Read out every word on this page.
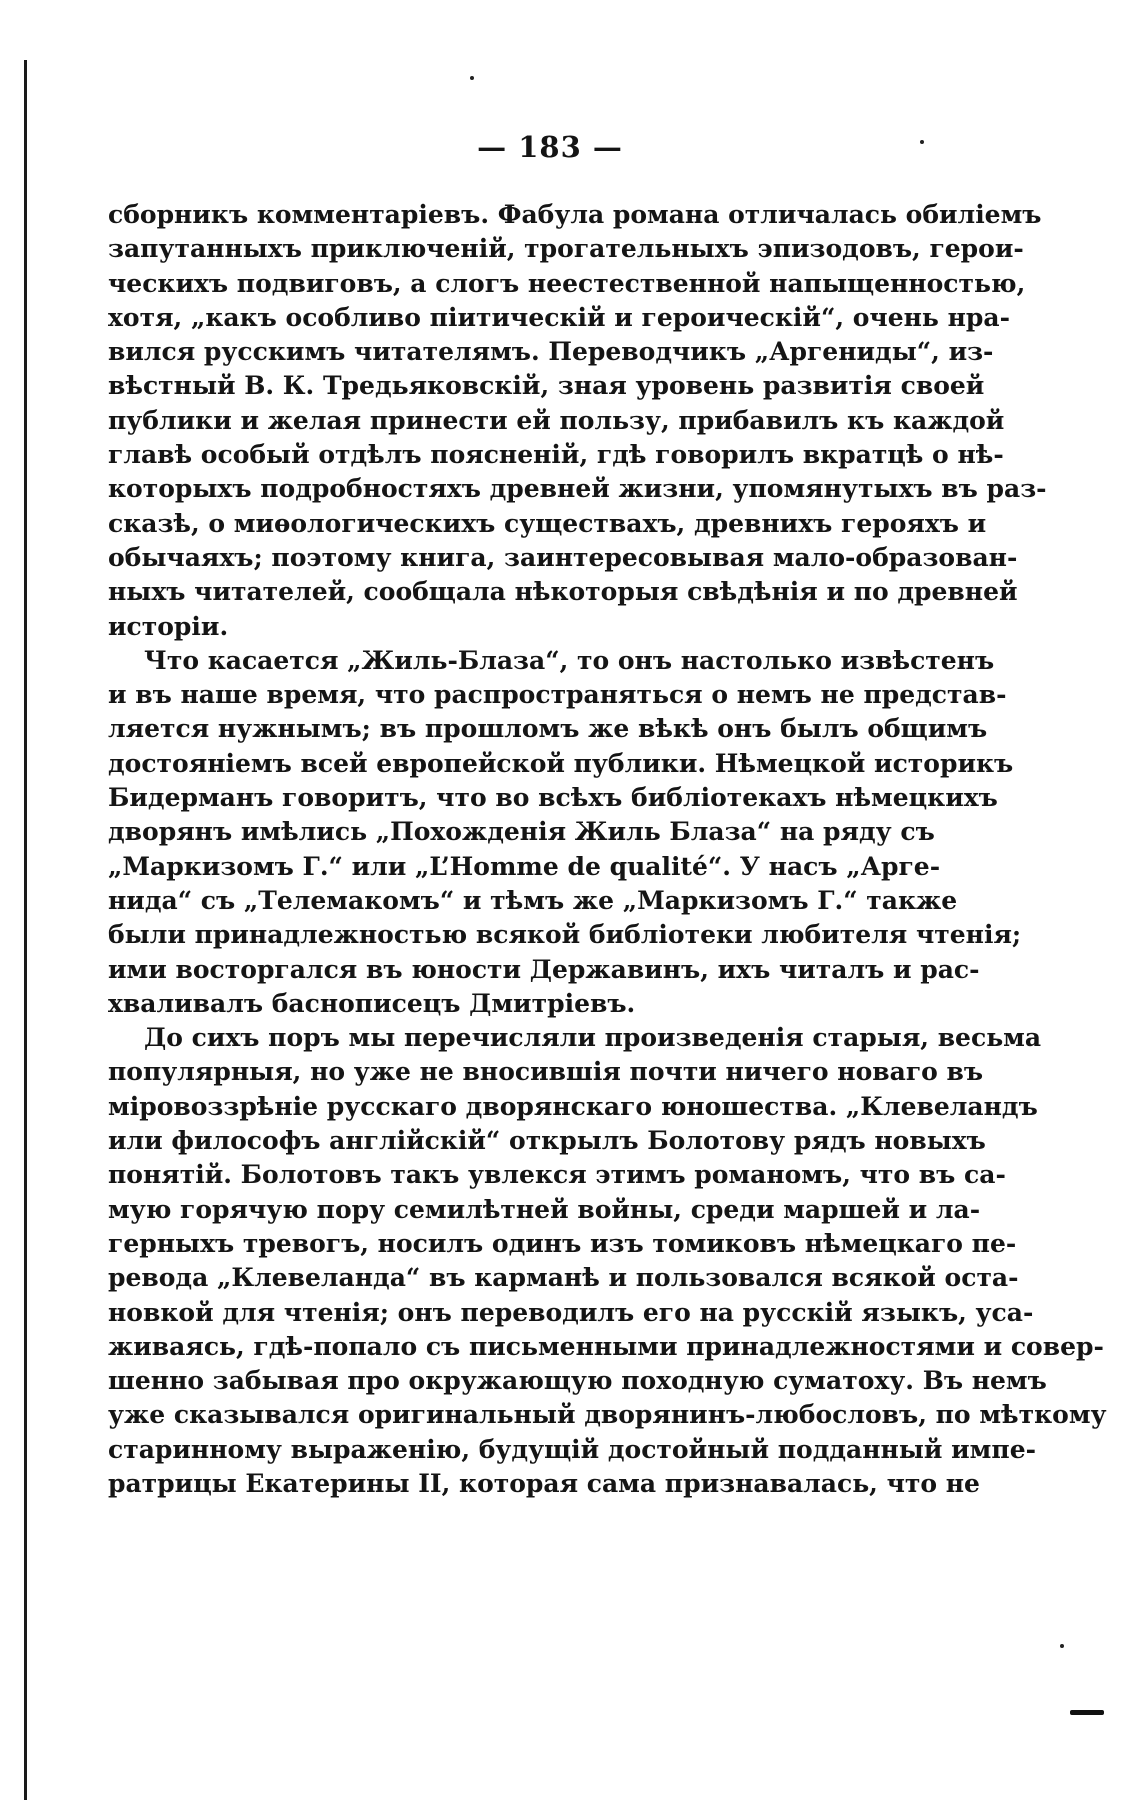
— 183 —
сборникъ комментаріевъ. Фабула романа отличалась обиліемъ
запутанныхъ приключеній, трогательныхъ эпизодовъ, герои-
ческихъ подвиговъ, а слогъ неестественной напыщенностью,
хотя, „какъ особливо піитическій и героическій“, очень нра-
вился русскимъ читателямъ. Переводчикъ „Аргениды“, из-
вѣстный В. К. Тредьяковскій, зная уровень развитія своей
публики и желая принести ей пользу, прибавилъ къ каждой
главѣ особый отдѣлъ поясненій, гдѣ говорилъ вкратцѣ о нѣ-
которыхъ подробностяхъ древней жизни, упомянутыхъ въ раз-
сказѣ, о миѳологическихъ существахъ, древнихъ герояхъ и
обычаяхъ; поэтому книга, заинтересовывая мало-образован-
ныхъ читателей, сообщала нѣкоторыя свѣдѣнія и по древней
исторіи.
Что касается „Жиль-Блаза“, то онъ настолько извѣстенъ
и въ наше время, что распространяться о немъ не представ-
ляется нужнымъ; въ прошломъ же вѣкѣ онъ былъ общимъ
достояніемъ всей европейской публики. Нѣмецкой историкъ
Бидерманъ говоритъ, что во всѣхъ библіотекахъ нѣмецкихъ
дворянъ имѣлись „Похожденія Жиль Блаза“ на ряду съ
„Маркизомъ Г.“ или „L’Homme de qualité“. У насъ „Арге-
нида“ съ „Телемакомъ“ и тѣмъ же „Маркизомъ Г.“ также
были принадлежностью всякой библіотеки любителя чтенія;
ими восторгался въ юности Державинъ, ихъ читалъ и рас-
хваливалъ баснописецъ Дмитріевъ.
До сихъ поръ мы перечисляли произведенія старыя, весьма
популярныя, но уже не вносившія почти ничего новаго въ
міровоззрѣніе русскаго дворянскаго юношества. „Клевеландъ
или философъ англійскій“ открылъ Болотову рядъ новыхъ
понятій. Болотовъ такъ увлекся этимъ романомъ, что въ са-
мую горячую пору семилѣтней войны, среди маршей и ла-
герныхъ тревогъ, носилъ одинъ изъ томиковъ нѣмецкаго пе-
ревода „Клевеланда“ въ карманѣ и пользовался всякой оста-
новкой для чтенія; онъ переводилъ его на русскій языкъ, уса-
живаясь, гдѣ-попало съ письменными принадлежностями и совер-
шенно забывая про окружающую походную суматоху. Въ немъ
уже сказывался оригинальный дворянинъ-любословъ, по мѣткому
старинному выраженію, будущій достойный подданный импе-
ратрицы Екатерины II, которая сама признавалась, что не
